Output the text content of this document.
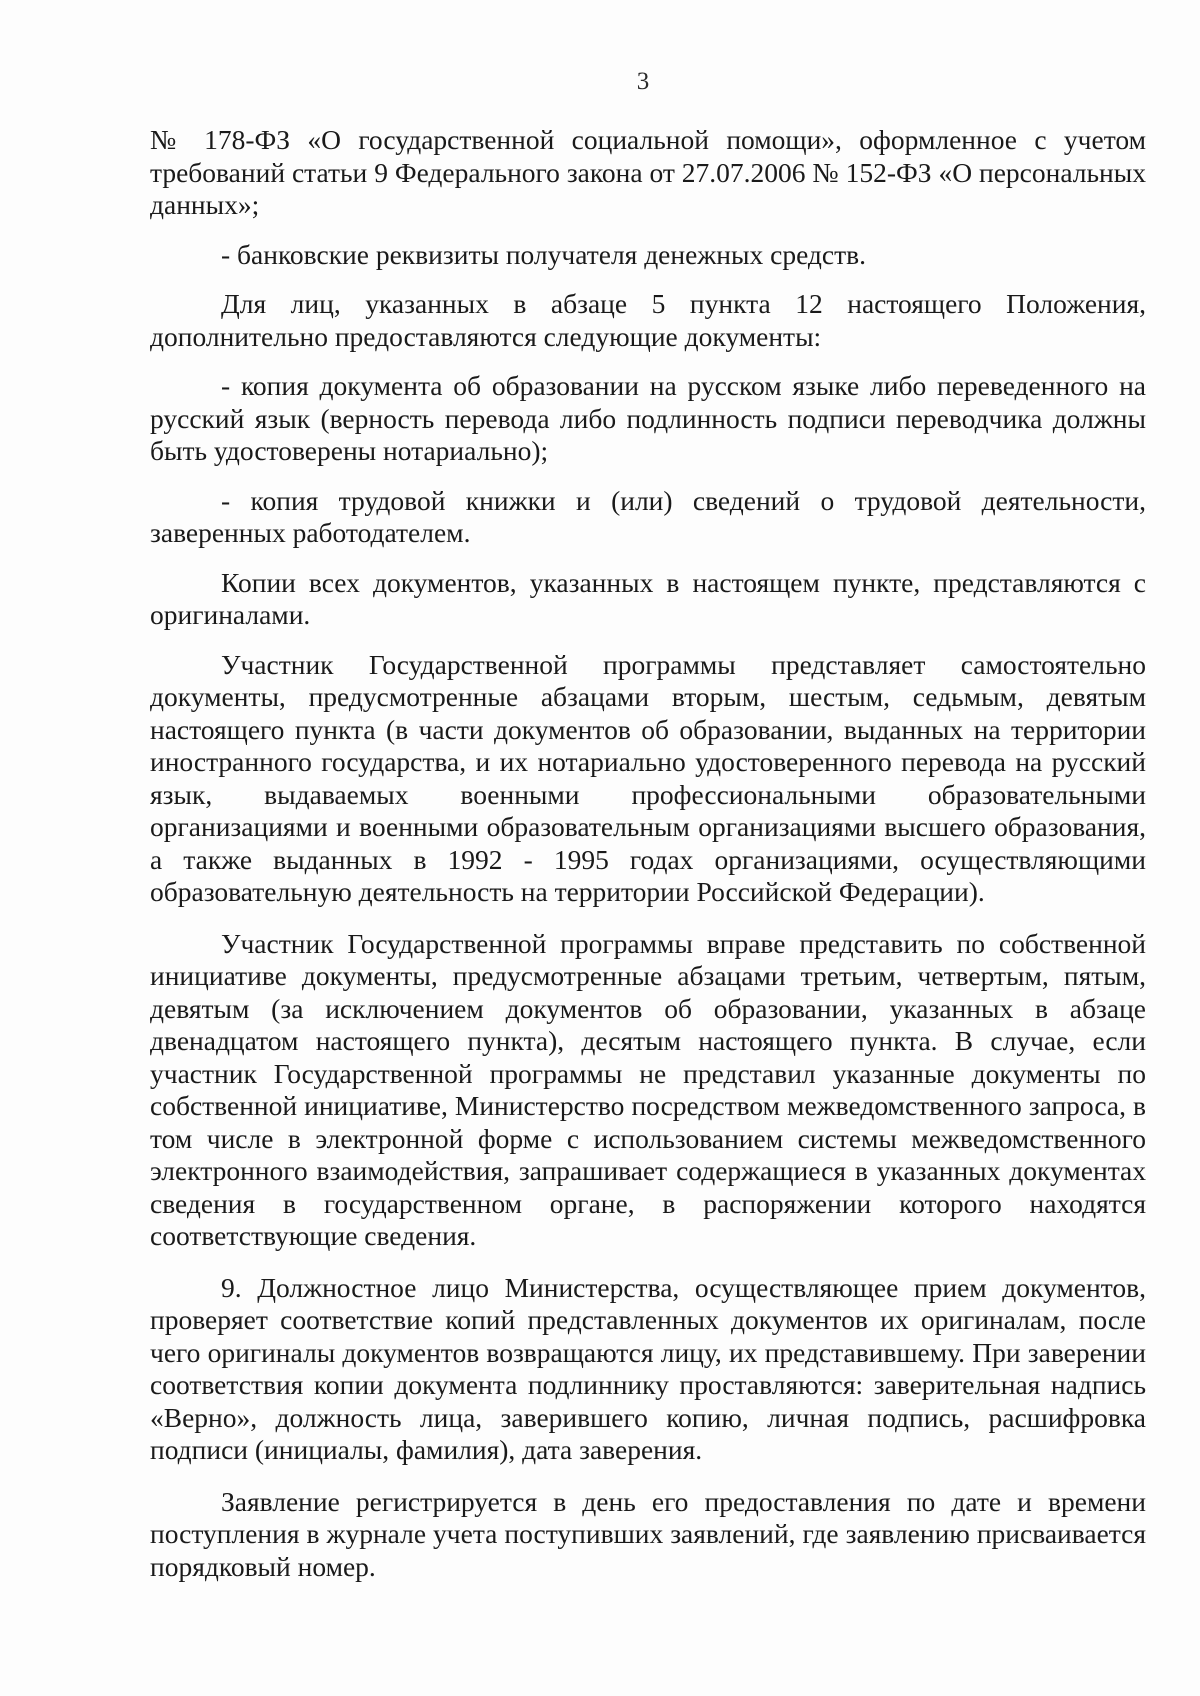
3

№ 178-ФЗ «О государственной социальной помощи», оформленное с учетом требований статьи 9 Федерального закона от 27.07.2006 № 152-ФЗ «О персональных данных»;

- банковские реквизиты получателя денежных средств.

Для лиц, указанных в абзаце 5 пункта 12 настоящего Положения, дополнительно предоставляются следующие документы:

- копия документа об образовании на русском языке либо переведенного на русский язык (верность перевода либо подлинность подписи переводчика должны быть удостоверены нотариально);

- копия трудовой книжки и (или) сведений о трудовой деятельности, заверенных работодателем.

Копии всех документов, указанных в настоящем пункте, представляются с оригиналами.

Участник Государственной программы представляет самостоятельно документы, предусмотренные абзацами вторым, шестым, седьмым, девятым настоящего пункта (в части документов об образовании, выданных на территории иностранного государства, и их нотариально удостоверенного перевода на русский язык, выдаваемых военными профессиональными образовательными организациями и военными образовательным организациями высшего образования, а также выданных в 1992 - 1995 годах организациями, осуществляющими образовательную деятельность на территории Российской Федерации).

Участник Государственной программы вправе представить по собственной инициативе документы, предусмотренные абзацами третьим, четвертым, пятым, девятым (за исключением документов об образовании, указанных в абзаце двенадцатом настоящего пункта), десятым настоящего пункта. В случае, если участник Государственной программы не представил указанные документы по собственной инициативе, Министерство посредством межведомственного запроса, в том числе в электронной форме с использованием системы межведомственного электронного взаимодействия, запрашивает содержащиеся в указанных документах сведения в государственном органе, в распоряжении которого находятся соответствующие сведения.

9. Должностное лицо Министерства, осуществляющее прием документов, проверяет соответствие копий представленных документов их оригиналам, после чего оригиналы документов возвращаются лицу, их представившему. При заверении соответствия копии документа подлиннику проставляются: заверительная надпись «Верно», должность лица, заверившего копию, личная подпись, расшифровка подписи (инициалы, фамилия), дата заверения.

Заявление регистрируется в день его предоставления по дате и времени поступления в журнале учета поступивших заявлений, где заявлению присваивается порядковый номер.
